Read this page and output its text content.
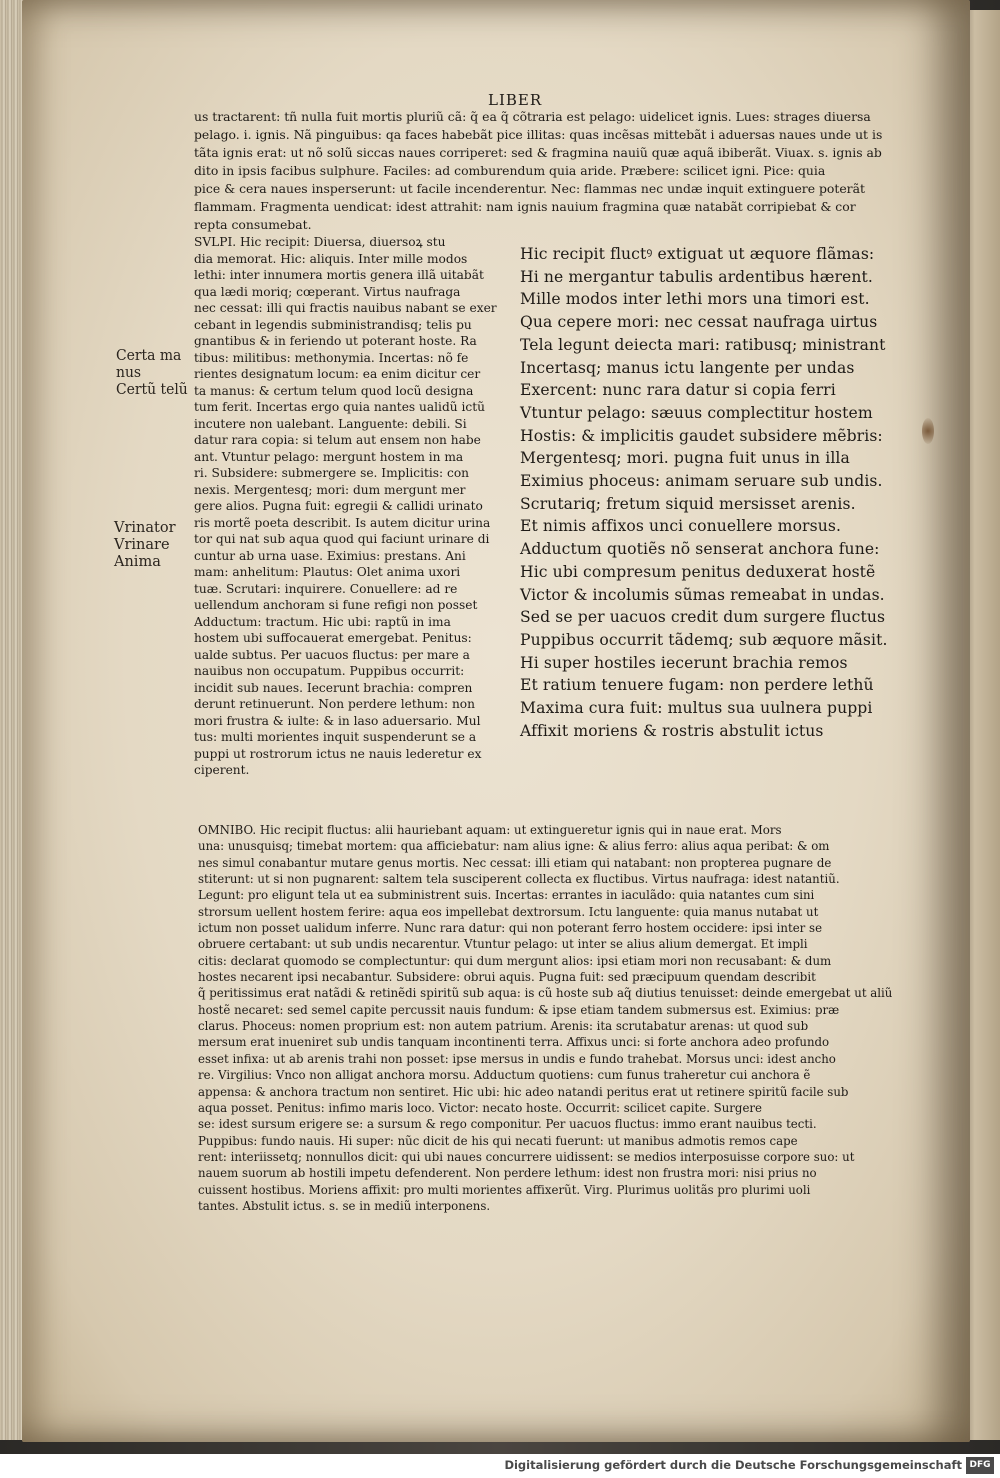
LIBER
us tractarent: tñ nulla fuit mortis pluriũ cã: q̃ ea q̃ cõtraria est pelago: uidelicet ignis. Lues: strages diuersa
pelago. i. ignis. Nã pinguibus: qa faces habebãt pice illitas: quas incẽsas mittebãt i aduersas naues unde ut is
tãta ignis erat: ut nõ solũ siccas naues corriperet: sed & fragmina nauiũ quæ aquã ibiberãt. Viuax. s. ignis ab
dito in ipsis facibus sulphure. Faciles: ad comburendum quia aride. Præbere: scilicet igni. Pice: quia
pice & cera naues insperserunt: ut facile incenderentur. Nec: flammas nec undæ inquit extinguere poterãt
flammam. Fragmenta uendicat: idest attrahit: nam ignis nauium fragmina quæ natabãt corripiebat & cor
repta consumebat.
SVLPI. Hic recipit: Diuersa, diuersoꝝ stu
dia memorat. Hic: aliquis. Inter mille modos
lethi: inter innumera mortis genera illã uitabãt
qua lædi moriq; cœperant. Virtus naufraga
nec cessat: illi qui fractis nauibus nabant se exer
cebant in legendis subministrandisq; telis pu
gnantibus & in feriendo ut poterant hoste. Ra
tibus: militibus: methonymia. Incertas: nõ fe
rientes designatum locum: ea enim dicitur cer
ta manus: & certum telum quod locũ designa
tum ferit. Incertas ergo quia nantes ualidũ ictũ
incutere non ualebant. Languente: debili. Si
datur rara copia: si telum aut ensem non habe
ant. Vtuntur pelago: mergunt hostem in ma
ri. Subsidere: submergere se. Implicitis: con
nexis. Mergentesq; mori: dum mergunt mer
gere alios. Pugna fuit: egregii & callidi urinato
ris mortẽ poeta describit. Is autem dicitur urina
tor qui nat sub aqua quod qui faciunt urinare di
cuntur ab urna uase. Eximius: prestans. Ani
mam: anhelitum: Plautus: Olet anima uxori
tuæ. Scrutari: inquirere. Conuellere: ad re
uellendum anchoram si fune refigi non posset
Adductum: tractum. Hic ubi: raptũ in ima
hostem ubi suffocauerat emergebat. Penitus:
ualde subtus. Per uacuos fluctus: per mare a
nauibus non occupatum. Puppibus occurrit:
incidit sub naues. Iecerunt brachia: compren
derunt retinuerunt. Non perdere lethum: non
mori frustra & iulte: & in laso aduersario. Mul
tus: multi morientes inquit suspenderunt se a
puppi ut rostrorum ictus ne nauis lederetur ex
ciperent.
Hic recipit fluctꝰ extiguat ut æquore flãmas:
Hi ne mergantur tabulis ardentibus hærent.
Mille modos inter lethi mors una timori est.
Qua cepere mori: nec cessat naufraga uirtus
Tela legunt deiecta mari: ratibusq; ministrant
Incertasq; manus ictu langente per undas
Exercent: nunc rara datur si copia ferri
Vtuntur pelago: sæuus complectitur hostem
Hostis: & implicitis gaudet subsidere mẽbris:
Mergentesq; mori. pugna fuit unus in illa
Eximius phoceus: animam seruare sub undis.
Scrutariq; fretum siquid mersisset arenis.
Et nimis affixos unci conuellere morsus.
Adductum quotiẽs nõ senserat anchora fune:
Hic ubi compresum penitus deduxerat hostẽ
Victor & incolumis sũmas remeabat in undas.
Sed se per uacuos credit dum surgere fluctus
Puppibus occurrit tãdemq; sub æquore mãsit.
Hi super hostiles iecerunt brachia remos
Et ratium tenuere fugam: non perdere lethũ
Maxima cura fuit: multus sua uulnera puppi
Affixit moriens & rostris abstulit ictus
Certa ma
nus
Certũ telũ
Vrinator
Vrinare
Anima
OMNIBO. Hic recipit fluctus: alii hauriebant aquam: ut extingueretur ignis qui in naue erat. Mors
una: unusquisq; timebat mortem: qua afficiebatur: nam alius igne: & alius ferro: alius aqua peribat: & om
nes simul conabantur mutare genus mortis. Nec cessat: illi etiam qui natabant: non propterea pugnare de
stiterunt: ut si non pugnarent: saltem tela susciperent collecta ex fluctibus. Virtus naufraga: idest natantiũ.
Legunt: pro eligunt tela ut ea subministrent suis. Incertas: errantes in iaculãdo: quia natantes cum sini
strorsum uellent hostem ferire: aqua eos impellebat dextrorsum. Ictu languente: quia manus nutabat ut
ictum non posset ualidum inferre. Nunc rara datur: qui non poterant ferro hostem occidere: ipsi inter se
obruere certabant: ut sub undis necarentur. Vtuntur pelago: ut inter se alius alium demergat. Et impli
citis: declarat quomodo se complectuntur: qui dum mergunt alios: ipsi etiam mori non recusabant: & dum
hostes necarent ipsi necabantur. Subsidere: obrui aquis. Pugna fuit: sed præcipuum quendam describit
q̃ peritissimus erat natãdi & retinẽdi spiritũ sub aqua: is cũ hoste sub aq̃ diutius tenuisset: deinde emergebat ut aliũ
hostẽ necaret: sed semel capite percussit nauis fundum: & ipse etiam tandem submersus est. Eximius: præ
clarus. Phoceus: nomen proprium est: non autem patrium. Arenis: ita scrutabatur arenas: ut quod sub
mersum erat inueniret sub undis tanquam incontinenti terra. Affixus unci: si forte anchora adeo profundo
esset infixa: ut ab arenis trahi non posset: ipse mersus in undis e fundo trahebat. Morsus unci: idest ancho
re. Virgilius: Vnco non alligat anchora morsu. Adductum quotiens: cum funus traheretur cui anchora ẽ
appensa: & anchora tractum non sentiret. Hic ubi: hic adeo natandi peritus erat ut retinere spiritũ facile sub
aqua posset. Penitus: infimo maris loco. Victor: necato hoste. Occurrit: scilicet capite. Surgere
se: idest sursum erigere se: a sursum & rego componitur. Per uacuos fluctus: immo erant nauibus tecti.
Puppibus: fundo nauis. Hi super: nũc dicit de his qui necati fuerunt: ut manibus admotis remos cape
rent: interiissetq; nonnullos dicit: qui ubi naues concurrere uidissent: se medios interposuisse corpore suo: ut
nauem suorum ab hostili impetu defenderent. Non perdere lethum: idest non frustra mori: nisi prius no
cuissent hostibus. Moriens affixit: pro multi morientes affixerũt. Virg. Plurimus uolitãs pro plurimi uoli
tantes. Abstulit ictus. s. se in mediũ interponens.
Digitalisierung gefördert durch die Deutsche Forschungsgemeinschaft DFG
